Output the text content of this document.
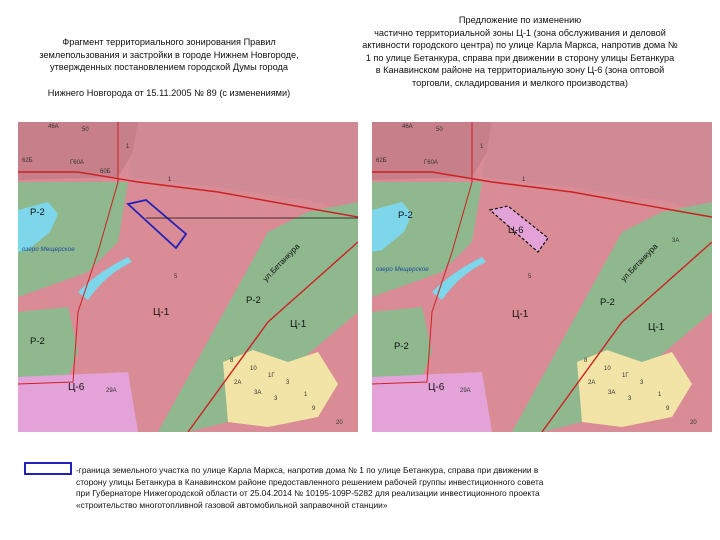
Фрагмент территориального зонирования Правил
землепользования и застройки в городе Нижнем Новгороде,
утвержденных постановлением городской Думы города
Нижнего Новгорода от 15.11.2005 № 89 (с изменениями)
Предложение по изменению
частично территориальной зоны Ц-1 (зона обслуживания и деловой
активности городского центра) по улице Карла Маркса, напротив дома №
1 по улице Бетанкура, справа при движении в сторону улицы Бетанкура
в Канавинском районе на территориальную зону Ц-6 (зона оптовой
торговли, складирования и мелкого производства)
Р-2
Ц-1
Р-2
Ц-1
Р-2
Ц-6
ул.Бетанкура
озеро Мещерское
46А	50
62Б	Г60А
60Б
1
1
8
10
1Г
3
2А
3А
3
1
9
5
20
29А
Р-2
Ц-6
Р-2
Ц-1
Ц-1
Р-2
Ц-6
ул.Бетанкура
озеро Мещерское
46А	50
62Б	Г60А
1
1
8
10
1Г
3
2А
3А
3
1
9
5
20
29А
3А
-граница земельного участка по улице Карла Маркса, напротив дома № 1 по улице Бетанкура, справа при движении в
сторону улицы Бетанкура в Канавинском районе предоставленного решением рабочей группы инвестиционного совета
при Губернаторе Нижегородской области от 25.04.2014 № 10195-109Р-5282 для реализации инвестиционного проекта
«строительство многотопливной газовой автомобильной заправочной станции»
